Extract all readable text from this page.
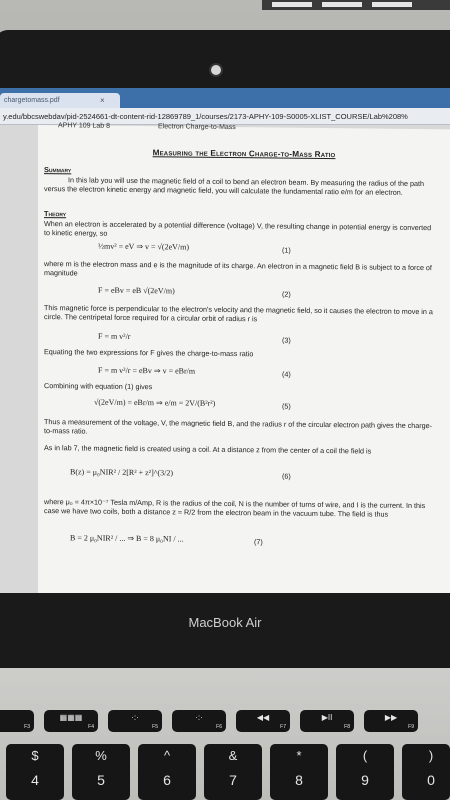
chargetomass.pdf	×
y.edu/bbcswebdav/pid-2524661-dt-content-rid-12869789_1/courses/2173-APHY-109-S0005-XLIST_COURSE/Lab%208%
APHY 109 Lab 8	Electron Charge-to-Mass
Measuring the Electron Charge-to-Mass Ratio
Summary
In this lab you will use the magnetic field of a coil to bend an electron beam. By measuring the radius of the path versus the electron kinetic energy and magnetic field, you will calculate the fundamental ratio e/m for an electron.
Theory
When an electron is accelerated by a potential difference (voltage) V, the resulting change in potential energy is converted to kinetic energy, so
½mv² = eV ⇒ v = √(2eV/m)	(1)
where m is the electron mass and e is the magnitude of its charge. An electron in a magnetic field B is subject to a force of magnitude
F = eBv = eB √(2eV/m)	(2)
This magnetic force is perpendicular to the electron's velocity and the magnetic field, so it causes the electron to move in a circle. The centripetal force required for a circular orbit of radius r is
F = m v²/r	(3)
Equating the two expressions for F gives the charge-to-mass ratio
F = m v²/r = eBv ⇒ v = eBr/m	(4)
Combining with equation (1) gives
√(2eV/m) = eBr/m ⇒ e/m = 2V/(B²r²)	(5)
Thus a measurement of the voltage, V, the magnetic field B, and the radius r of the circular electron path gives the charge-to-mass ratio.
As in lab 7, the magnetic field is created using a coil. At a distance z from the center of a coil the field is
B(z) = μ₀NIR² / 2[R² + z²]^(3/2)	(6)
where μ₀ = 4π×10⁻⁷ Tesla m/Amp, R is the radius of the coil, N is the number of turns of wire, and I is the current. In this case we have two coils, both a distance z = R/2 from the electron beam in the vacuum tube. The field is thus
B = 2 μ₀NIR² / ... ⇒ B = 8 μ₀NI / ...	(7)
MacBook Air
F3
▦▦▦
F4
·:·
F5
·:·
F6
◀◀
F7
▶II
F8
▶▶
F9
$
4
%
5
^
6
&
7
*
8
(
9
)
0
